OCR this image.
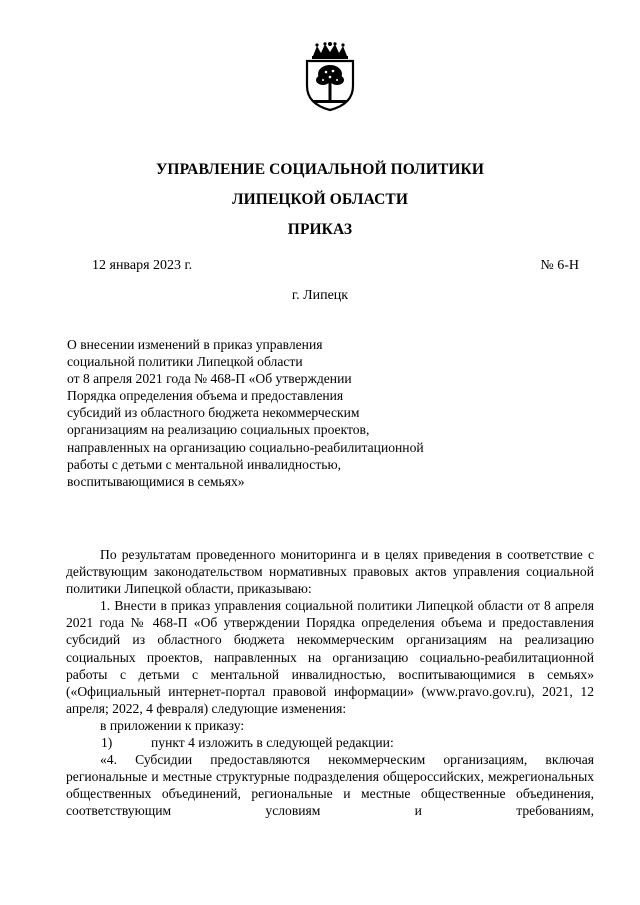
УПРАВЛЕНИЕ СОЦИАЛЬНОЙ ПОЛИТИКИ
ЛИПЕЦКОЙ ОБЛАСТИ
ПРИКАЗ
12 января 2023 г.	№ 6-Н
г. Липецк
О внесении изменений в приказ управления
социальной политики Липецкой области
от 8 апреля 2021 года № 468-П «Об утверждении
Порядка определения объема и предоставления
субсидий из областного бюджета некоммерческим
организациям на реализацию социальных проектов,
направленных на организацию социально-реабилитационной
работы с детьми с ментальной инвалидностью,
воспитывающимися в семьях»
По результатам проведенного мониторинга и в целях приведения в соответствие с действующим законодательством нормативных правовых актов управления социальной политики Липецкой области, приказываю:
1. Внести в приказ управления социальной политики Липецкой области от 8 апреля 2021 года № 468-П «Об утверждении Порядка определения объема и предоставления субсидий из областного бюджета некоммерческим организациям на реализацию социальных проектов, направленных на организацию социально-реабилитационной работы с детьми с ментальной инвалидностью, воспитывающимися в семьях» («Официальный интернет-портал правовой информации» (www.pravo.gov.ru), 2021, 12 апреля; 2022, 4 февраля) следующие изменения:
в приложении к приказу:
1)	пункт 4 изложить в следующей редакции:
«4. Субсидии предоставляются некоммерческим организациям, включая региональные и местные структурные подразделения общероссийских, межрегиональных общественных объединений, региональные и местные общественные объединения, соответствующим условиям и требованиям,
